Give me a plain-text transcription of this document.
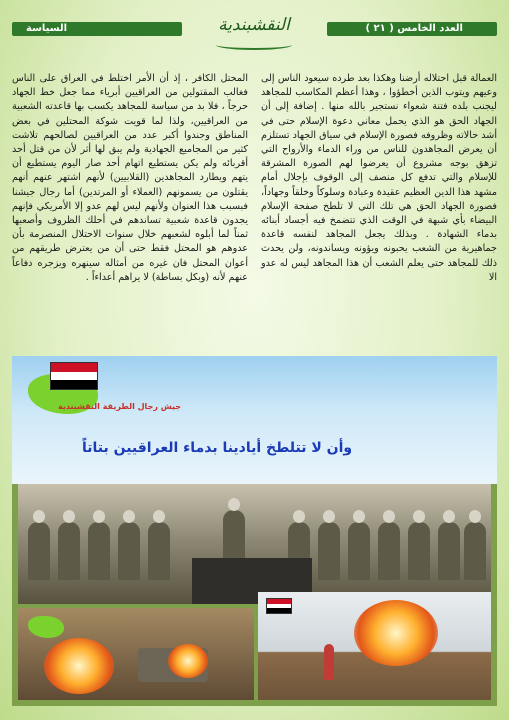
العدد الخامس ( ٢١ )
السياسة	النقشبندية

العمالة قبل احتلاله أرضنا وهكذا بعد طرده سيعود الناس إلى وعيهم ويتوب الذين أخطؤوا ، وهذا أعظم المكاسب للمجاهد ليجنب بلده فتنة شعواء نستجير بالله منها . إضافة إلى أن الجهاد الحق هو الذي يحمل معاني دعوة الإسلام حتى في أشد حالاته وظروفه فصورة الإسلام في سياق الجهاد تستلزم أن يعرض المجاهدون للناس من وراء الدماء والأرواح التي تزهق بوجه مشروع أن يعرضوا لهم الصورة المشرقة للإسلام والتي تدفع كل منصف إلى الوقوف بإجلال أمام مشهد هذا الدين العظيم عقيدة وعبادة وسلوكاً وخلقاً وجهاداً، فصورة الجهاد الحق هي تلك التي لا تلطخ صفحة الإسلام البيضاء بأي شبهة في الوقت الذي تتضمخ فيه أجساد أبنائه بدماء الشهادة . وبذلك يجعل المجاهد لنفسه قاعدة جماهيرية من الشعب يحبونه ويؤونه ويساندونه، ولن يحدث ذلك للمجاهد حتى يعلم الشعب أن هذا المجاهد ليس له عدو الا

المحتل الكافر ، إذ أن الأمر اختلط في العراق على الناس فغالب المقتولين من العراقيين أبرياء مما جعل خط الجهاد حرجاً ، فلا بد من سياسة للمجاهد يكسب بها قاعدته الشعبية من العراقيين، ولذا لما قويت شوكة المحتلين في بعض المناطق وجندوا أكبر عدد من العراقيين لصالحهم تلاشت كثير من المجاميع الجهادية ولم يبق لها أثر لأن من قتل أحد أقربائه ولم يكن يستطيع اتهام أحد صار اليوم يستطيع أن يتهم ويطارد المجاهدين (القلابيين) لأنهم اشتهر عنهم أنهم يقتلون من يسمونهم (العملاء أو المرتدين) أما رجال جيشنا فبسبب هذا العنوان ولأنهم ليس لهم عدو إلا الأمريكي فإنهم يجدون قاعدة شعبية تساندهم في أحلك الظروف وأصعبها ثمناً لما أبلوه لشعبهم خلال سنوات الاحتلال المنصرمة بأن عدوهم هو المحتل فقط حتى أن من يعترض طريقهم من أعوان المحتل فان غيره من أمثاله سينهره ويزجره دفاعاً عنهم لأنه (وبكل بساطة) لا يراهم أعداءاً .

جيش رجال الطريقة النقشبندية
وأن لا تتلطخ أيادينا بدماء العراقيين بتاتاً
